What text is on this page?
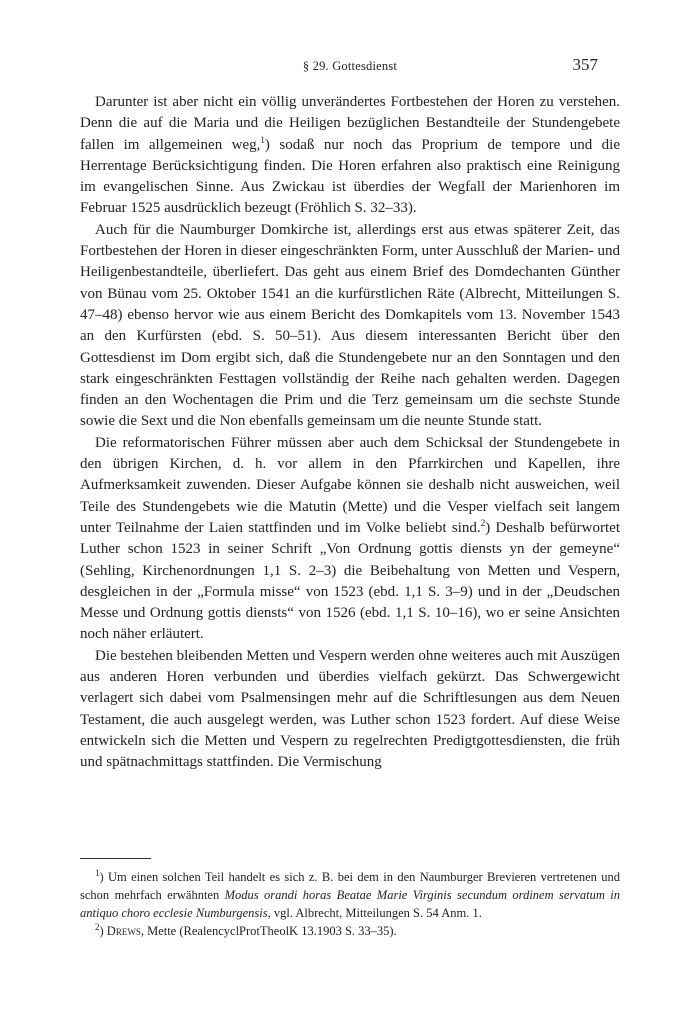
§ 29. Gottesdienst	357

Darunter ist aber nicht ein völlig unverändertes Fortbestehen der Horen zu verstehen. Denn die auf die Maria und die Heiligen bezüglichen Bestandteile der Stundengebete fallen im allgemeinen weg,$^1$) sodaß nur noch das Proprium de tempore und die Herrentage Berücksichtigung finden. Die Horen erfahren also praktisch eine Reinigung im evangelischen Sinne. Aus Zwickau ist überdies der Wegfall der Marienhoren im Februar 1525 ausdrücklich bezeugt (Fröhlich S. 32–33).

Auch für die Naumburger Domkirche ist, allerdings erst aus etwas späterer Zeit, das Fortbestehen der Horen in dieser eingeschränkten Form, unter Ausschluß der Marien- und Heiligenbestandteile, überliefert. Das geht aus einem Brief des Domdechanten Günther von Bünau vom 25. Oktober 1541 an die kurfürstlichen Räte (Albrecht, Mitteilungen S. 47–48) ebenso hervor wie aus einem Bericht des Domkapitels vom 13. November 1543 an den Kurfürsten (ebd. S. 50–51). Aus diesem interessanten Bericht über den Gottesdienst im Dom ergibt sich, daß die Stundengebete nur an den Sonntagen und den stark eingeschränkten Festtagen vollständig der Reihe nach gehalten werden. Dagegen finden an den Wochentagen die Prim und die Terz gemeinsam um die sechste Stunde sowie die Sext und die Non ebenfalls gemeinsam um die neunte Stunde statt.

Die reformatorischen Führer müssen aber auch dem Schicksal der Stundengebete in den übrigen Kirchen, d. h. vor allem in den Pfarrkirchen und Kapellen, ihre Aufmerksamkeit zuwenden. Dieser Aufgabe können sie deshalb nicht ausweichen, weil Teile des Stundengebets wie die Matutin (Mette) und die Vesper vielfach seit langem unter Teilnahme der Laien stattfinden und im Volke beliebt sind.$^2$) Deshalb befürwortet Luther schon 1523 in seiner Schrift „Von Ordnung gottis diensts yn der gemeyne“ (Sehling, Kirchenordnungen 1,1 S. 2–3) die Beibehaltung von Metten und Vespern, desgleichen in der „Formula misse“ von 1523 (ebd. 1,1 S. 3–9) und in der „Deudschen Messe und Ordnung gottis diensts“ von 1526 (ebd. 1,1 S. 10–16), wo er seine Ansichten noch näher erläutert.

Die bestehen bleibenden Metten und Vespern werden ohne weiteres auch mit Auszügen aus anderen Horen verbunden und überdies vielfach gekürzt. Das Schwergewicht verlagert sich dabei vom Psalmensingen mehr auf die Schriftlesungen aus dem Neuen Testament, die auch ausgelegt werden, was Luther schon 1523 fordert. Auf diese Weise entwickeln sich die Metten und Vespern zu regelrechten Predigtgottesdiensten, die früh und spätnachmittags stattfinden. Die Vermischung

$^1$) Um einen solchen Teil handelt es sich z. B. bei dem in den Naumburger Brevieren vertretenen und schon mehrfach erwähnten Modus orandi horas Beatae Marie Virginis secundum ordinem servatum in antiquo choro ecclesie Numburgensis, vgl. Albrecht, Mitteilungen S. 54 Anm. 1.

$^2$) Drews, Mette (RealencyclProtTheolK 13.1903 S. 33–35).
